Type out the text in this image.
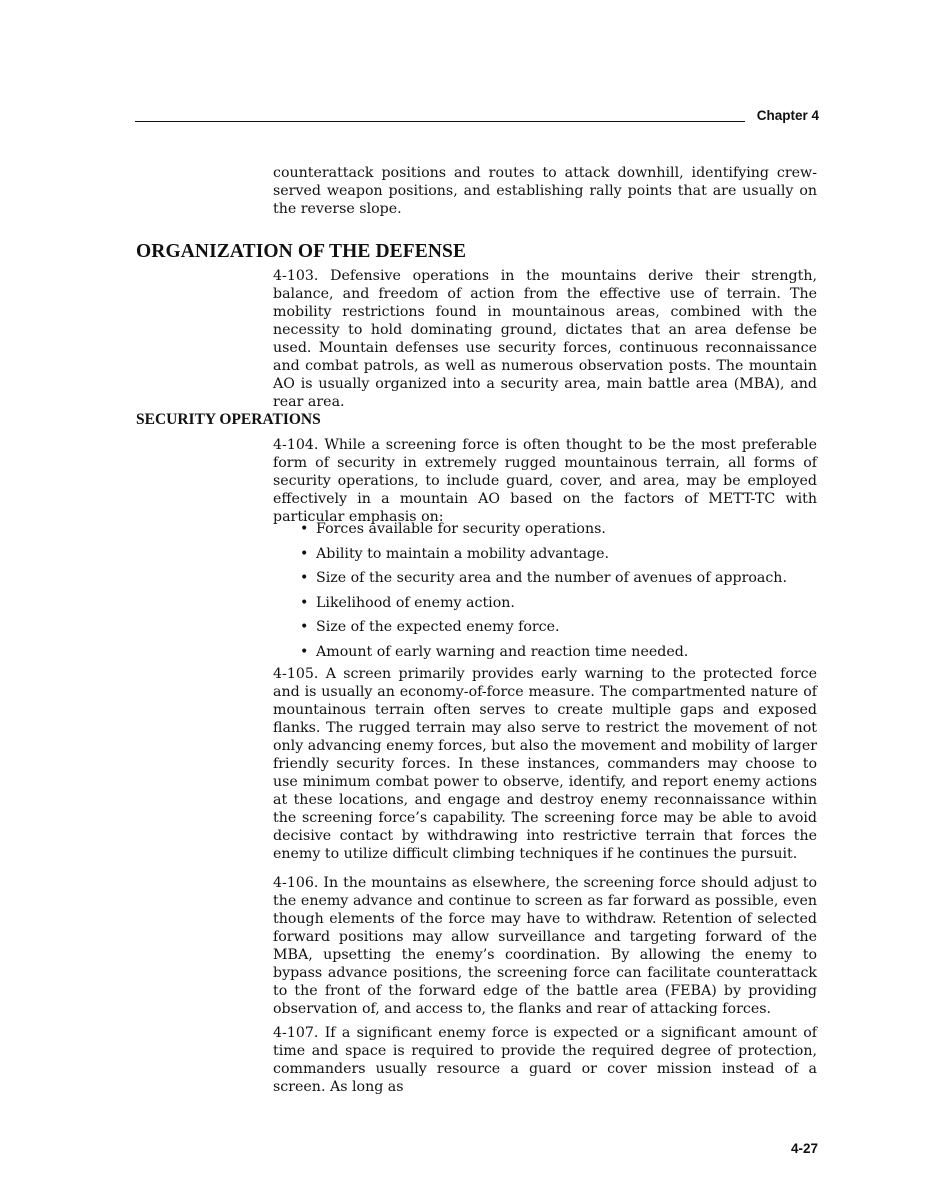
Chapter 4

counterattack positions and routes to attack downhill, identifying crew-served weapon positions, and establishing rally points that are usually on the reverse slope.

ORGANIZATION OF THE DEFENSE

4-103. Defensive operations in the mountains derive their strength, balance, and freedom of action from the effective use of terrain. The mobility restrictions found in mountainous areas, combined with the necessity to hold dominating ground, dictates that an area defense be used. Mountain defenses use security forces, continuous reconnaissance and combat patrols, as well as numerous observation posts. The mountain AO is usually organized into a security area, main battle area (MBA), and rear area.

SECURITY OPERATIONS

4-104. While a screening force is often thought to be the most preferable form of security in extremely rugged mountainous terrain, all forms of security operations, to include guard, cover, and area, may be employed effectively in a mountain AO based on the factors of METT-TC with particular emphasis on:

• Forces available for security operations.
• Ability to maintain a mobility advantage.
• Size of the security area and the number of avenues of approach.
• Likelihood of enemy action.
• Size of the expected enemy force.
• Amount of early warning and reaction time needed.

4-105. A screen primarily provides early warning to the protected force and is usually an economy-of-force measure. The compartmented nature of mountainous terrain often serves to create multiple gaps and exposed flanks. The rugged terrain may also serve to restrict the movement of not only advancing enemy forces, but also the movement and mobility of larger friendly security forces. In these instances, commanders may choose to use minimum combat power to observe, identify, and report enemy actions at these locations, and engage and destroy enemy reconnaissance within the screening force’s capability. The screening force may be able to avoid decisive contact by withdrawing into restrictive terrain that forces the enemy to utilize difficult climbing techniques if he continues the pursuit.

4-106. In the mountains as elsewhere, the screening force should adjust to the enemy advance and continue to screen as far forward as possible, even though elements of the force may have to withdraw. Retention of selected forward positions may allow surveillance and targeting forward of the MBA, upsetting the enemy’s coordination. By allowing the enemy to bypass advance positions, the screening force can facilitate counterattack to the front of the forward edge of the battle area (FEBA) by providing observation of, and access to, the flanks and rear of attacking forces.

4-107. If a significant enemy force is expected or a significant amount of time and space is required to provide the required degree of protection, commanders usually resource a guard or cover mission instead of a screen. As long as

4-27
